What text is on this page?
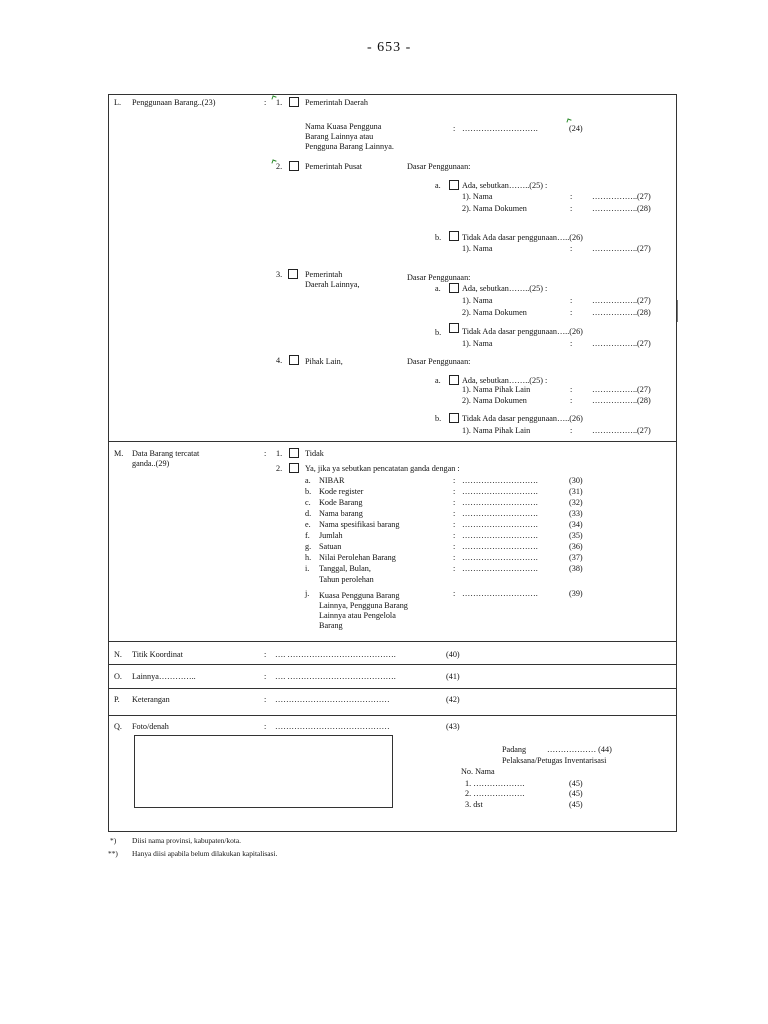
- 653 -
L. Penggunaan Barang..(23)	: 1.	Pemerintah Daerah
Nama Kuasa Pengguna
Barang Lainnya atau
Pengguna Barang Lainnya.
: ……………………….	(24)
2.	Pemerintah Pusat	Dasar Penggunaan:
a.	Ada, sebutkan……..(25) :
1). Nama	: ……………..(27)
2). Nama Dokumen	: ……………..(28)
b.	Tidak Ada dasar penggunaan…..(26)
1). Nama	: ……………..(27)
3.	Pemerintah
Daerah Lainnya,
Dasar Penggunaan:
a.	Ada, sebutkan……..(25) :
1). Nama	: ……………..(27)
2). Nama Dokumen	: ……………..(28)
b.	Tidak Ada dasar penggunaan…..(26)
1). Nama	: ……………..(27)
4.	Pihak Lain,	Dasar Penggunaan:
a.	Ada, sebutkan……..(25) :
1). Nama Pihak Lain	: ……………..(27)
2). Nama Dokumen	: ……………..(28)
b.	Tidak Ada dasar penggunaan…..(26)
1). Nama Pihak Lain	: ……………..(27)
M. Data Barang tercatat
ganda..(29)
: 1.	Tidak
2.	Ya, jika ya sebutkan pencatatan ganda dengan :
a. NIBAR	: ……………………….	(30)
b. Kode register	: ……………………….	(31)
c. Kode Barang	: ……………………….	(32)
d. Nama barang	: ……………………….	(33)
e. Nama spesifikasi barang	: ……………………….	(34)
f. Jumlah	: ……………………….	(35)
g. Satuan	: ……………………….	(36)
h. Nilai Perolehan Barang	: ……………………….	(37)
i. Tanggal, Bulan,	: ……………………….	(38)
Tahun perolehan
j. Kuasa Pengguna Barang
Lainnya, Pengguna Barang
Lainnya atau Pengelola
Barang
: ……………………….	(39)
N. Titik Koordinat	: …. ………………………………….	(40)
O. Lainnya…………..	: …. ………………………………….	(41)
P. Keterangan	: ……………………………………	(42)
Q. Foto/denah	: ……………………………………	(43)
Padang	……………… (44)
Pelaksana/Petugas Inventarisasi
No. Nama
1. ……………….	(45)
2. ……………….	(45)
3. dst	(45)
*) Diisi nama provinsi, kabupaten/kota.
**) Hanya diisi apabila belum dilakukan kapitalisasi.
